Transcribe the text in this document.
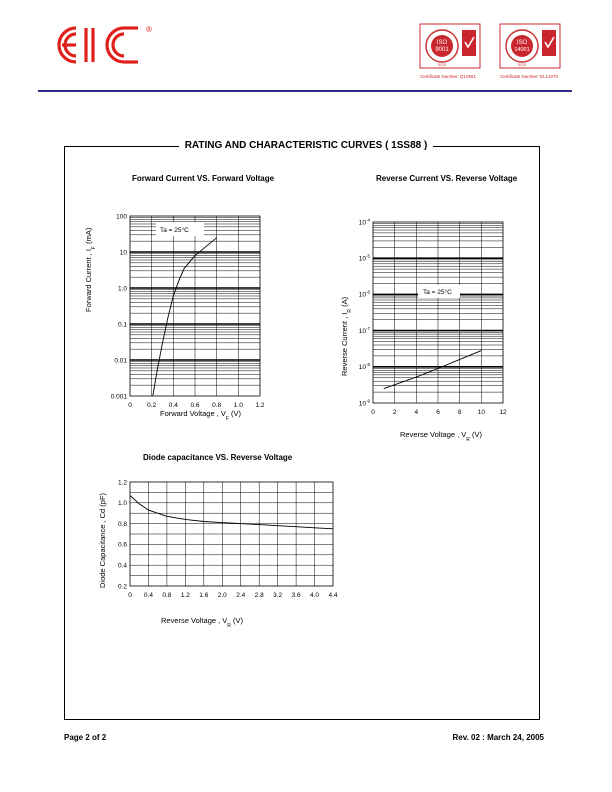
®
ISO
9001
SGS
ISO
14001
SGS
Certificate Number: Q10561	Certificate Number: EL12270
RATING AND CHARACTERISTIC CURVES ( 1SS88 )
Forward Current VS. Forward Voltage
0 0.2 0.4 0.6 0.8 1.0 1.2
0.001
0.01
0.1
1.0
10
100
Ta = 25°C
Forward Current , $I_F$ (mA)
Forward Voltage , $V_F$ (V)
Reverse Current VS. Reverse Voltage
0	2	4	6	8 10 12
$10^{-9}$
$10^{-8}$
$10^{-7}$
$10^{-6}$
$10^{-5}$
$10^{-4}$
Ta = 25°C
Reverse Current , $I_R$ (A)
Reverse Voltage , $V_R$ (V)
Diode capacitance VS. Reverse Voltage
0 0.4 0.8 1.2 1.6 2.0 2.4 2.8 3.2 3.6 4.0 4.4
0.2
0.4
0.6
0.8
1.0
1.2
Diode Capacitance , Cd (pF)
Reverse Voltage , $V_R$ (V)
Page 2 of 2	Rev. 02 : March 24, 2005
